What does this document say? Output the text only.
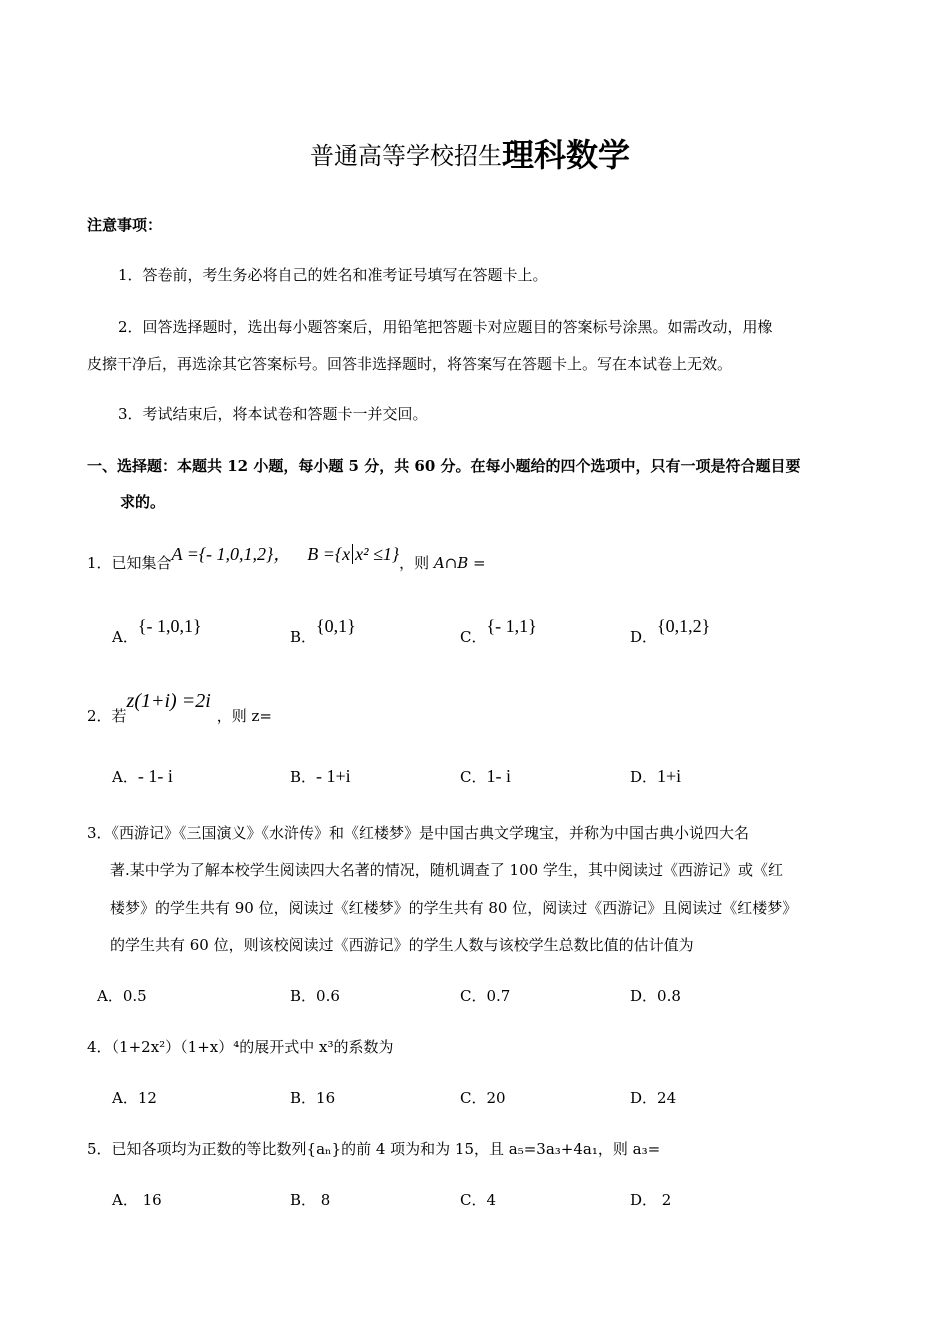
普通高等学校招生理科数学
注意事项：
1．答卷前，考生务必将自己的姓名和准考证号填写在答题卡上。
2．回答选择题时，选出每小题答案后，用铅笔把答题卡对应题目的答案标号涂黑。如需改动，用橡
皮擦干净后，再选涂其它答案标号。回答非选择题时，将答案写在答题卡上。写在本试卷上无效。
3．考试结束后，将本试卷和答题卡一并交回。
一、选择题：本题共 12 小题，每小题 5 分，共 60 分。在每小题给的四个选项中，只有一项是符合题目要
求的。
1．已知集合A ={- 1,0,1,2}， B ={x x² ≤1}，则 A∩B =
A．{- 1,0,1}
B．{0,1}
C．{- 1,1}
D．{0,1,2}
2．若z(1+i) =2i，则 z=
A．- 1- i	B．- 1+i	C．1- i	D．1+i
3．《西游记》《三国演义》《水浒传》和《红楼梦》是中国古典文学瑰宝，并称为中国古典小说四大名
著.某中学为了解本校学生阅读四大名著的情况，随机调查了 100 学生，其中阅读过《西游记》或《红
楼梦》的学生共有 90 位，阅读过《红楼梦》的学生共有 80 位，阅读过《西游记》且阅读过《红楼梦》
的学生共有 60 位，则该校阅读过《西游记》的学生人数与该校学生总数比值的估计值为
A．0.5	B．0.6	C．0.7	D．0.8
4．（1+2x²）（1+x）⁴的展开式中 x³的系数为
A．12	B．16	C．20	D．24
5．已知各项均为正数的等比数列{aₙ}的前 4 项为和为 15，且 a₅=3a₃+4a₁，则 a₃=
A． 16	B． 8	C．4	D． 2
